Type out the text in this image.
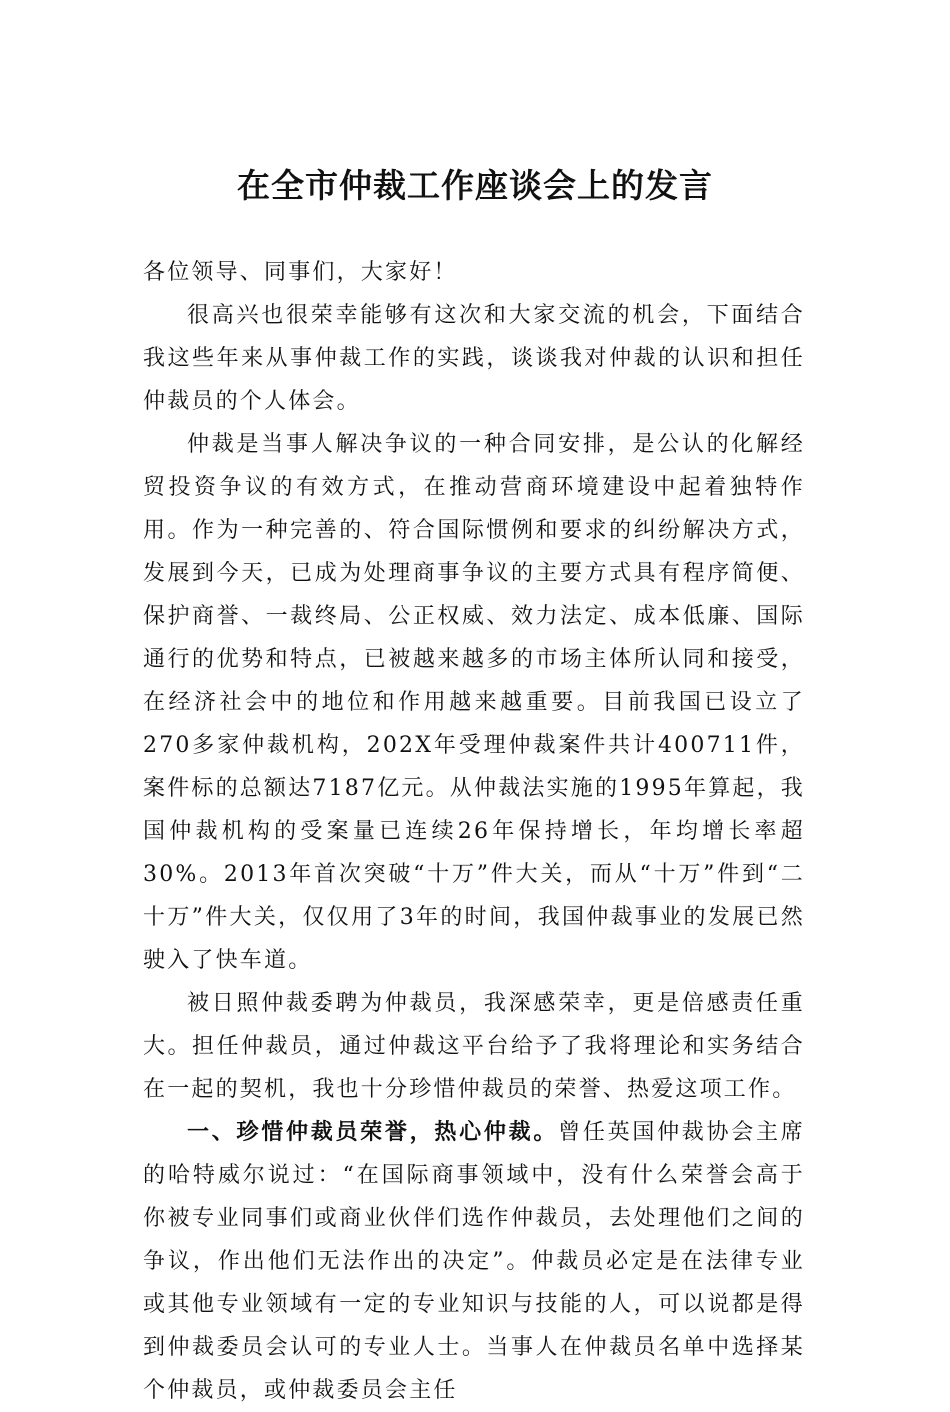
在全市仲裁工作座谈会上的发言

各位领导、同事们，大家好！

很高兴也很荣幸能够有这次和大家交流的机会，下面结合我这些年来从事仲裁工作的实践，谈谈我对仲裁的认识和担任仲裁员的个人体会。

仲裁是当事人解决争议的一种合同安排，是公认的化解经贸投资争议的有效方式，在推动营商环境建设中起着独特作用。作为一种完善的、符合国际惯例和要求的纠纷解决方式，发展到今天，已成为处理商事争议的主要方式具有程序简便、保护商誉、一裁终局、公正权威、效力法定、成本低廉、国际通行的优势和特点，已被越来越多的市场主体所认同和接受，在经济社会中的地位和作用越来越重要。目前我国已设立了270多家仲裁机构，202X年受理仲裁案件共计400711件，案件标的总额达7187亿元。从仲裁法实施的1995年算起，我国仲裁机构的受案量已连续26年保持增长，年均增长率超30%。2013年首次突破“十万”件大关，而从“十万”件到“二十万”件大关，仅仅用了3年的时间，我国仲裁事业的发展已然驶入了快车道。

被日照仲裁委聘为仲裁员，我深感荣幸，更是倍感责任重大。担任仲裁员，通过仲裁这平台给予了我将理论和实务结合在一起的契机，我也十分珍惜仲裁员的荣誉、热爱这项工作。

一、珍惜仲裁员荣誉，热心仲裁。曾任英国仲裁协会主席的哈特威尔说过：“在国际商事领域中，没有什么荣誉会高于你被专业同事们或商业伙伴们选作仲裁员，去处理他们之间的争议，作出他们无法作出的决定”。仲裁员必定是在法律专业或其他专业领域有一定的专业知识与技能的人，可以说都是得到仲裁委员会认可的专业人士。当事人在仲裁员名单中选择某个仲裁员，或仲裁委员会主任
